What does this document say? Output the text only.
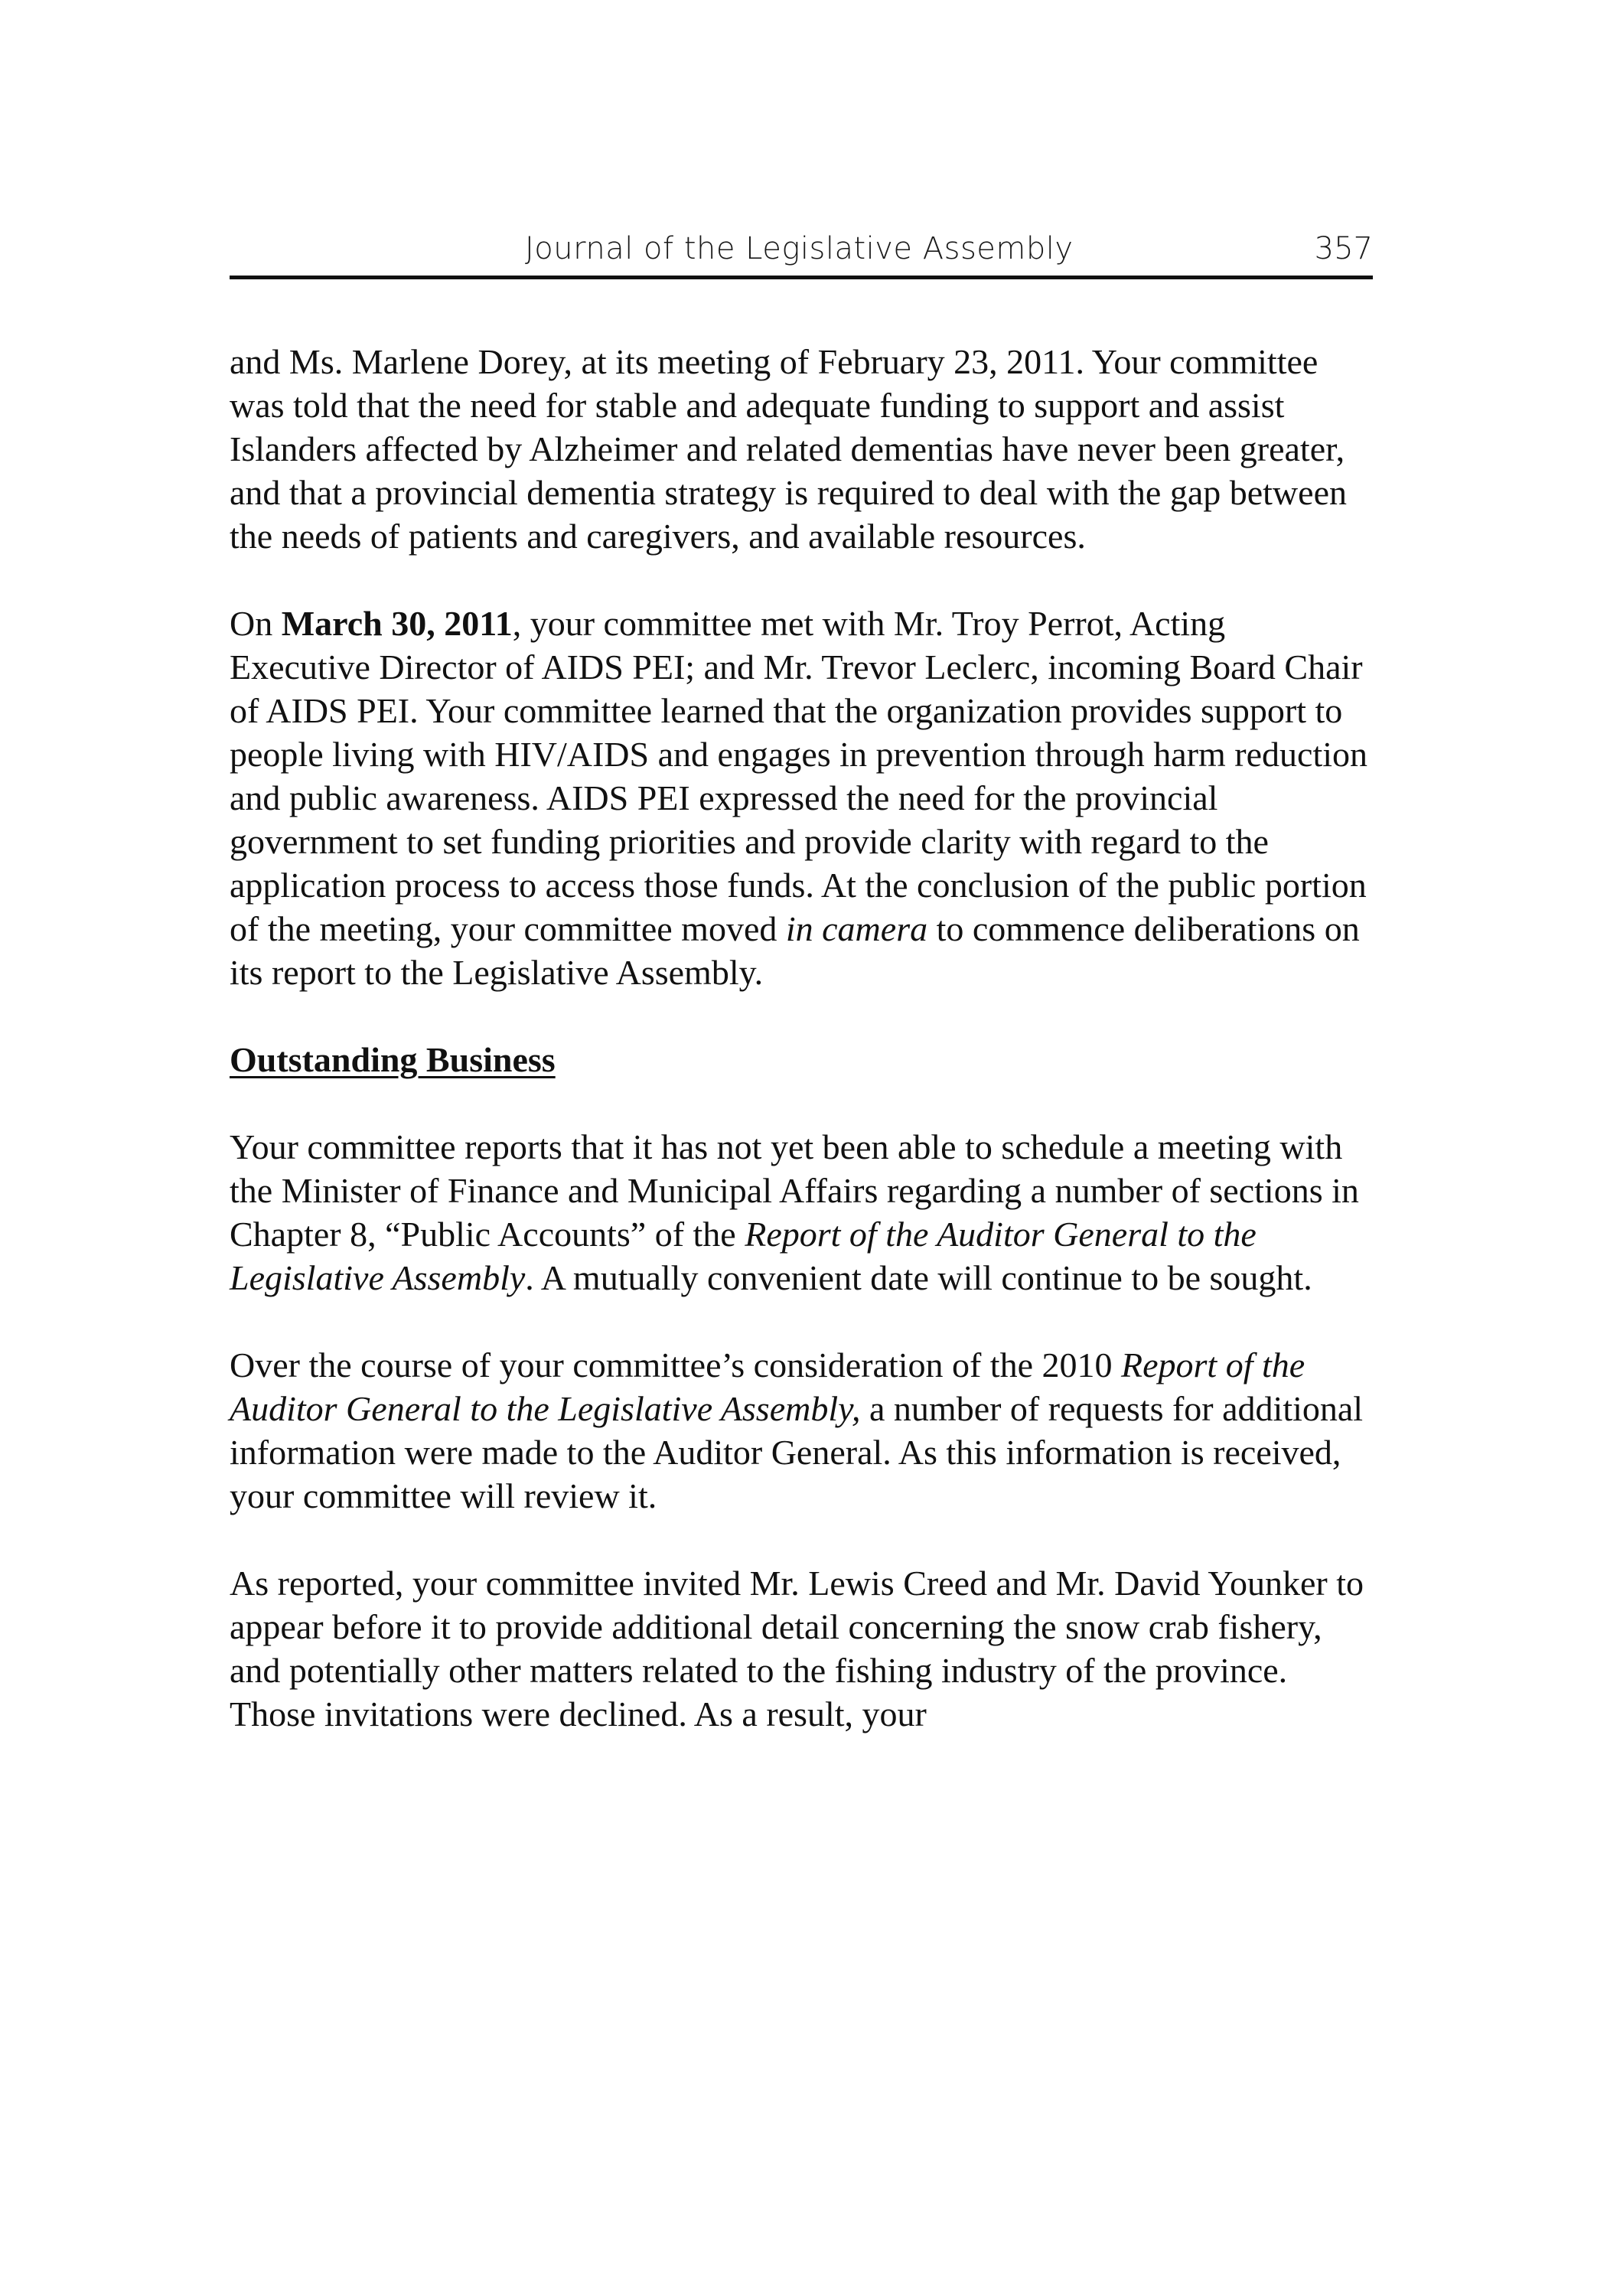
Journal of the Legislative Assembly	357

and Ms. Marlene Dorey, at its meeting of February 23, 2011. Your committee was told that the need for stable and adequate funding to support and assist Islanders affected by Alzheimer and related dementias have never been greater, and that a provincial dementia strategy is required to deal with the gap between the needs of patients and caregivers, and available resources.

On March 30, 2011, your committee met with Mr. Troy Perrot, Acting Executive Director of AIDS PEI; and Mr. Trevor Leclerc, incoming Board Chair of AIDS PEI. Your committee learned that the organization provides support to people living with HIV/AIDS and engages in prevention through harm reduction and public awareness. AIDS PEI expressed the need for the provincial government to set funding priorities and provide clarity with regard to the application process to access those funds. At the conclusion of the public portion of the meeting, your committee moved in camera to commence deliberations on its report to the Legislative Assembly.

Outstanding Business

Your committee reports that it has not yet been able to schedule a meeting with the Minister of Finance and Municipal Affairs regarding a number of sections in Chapter 8, “Public Accounts” of the Report of the Auditor General to the Legislative Assembly. A mutually convenient date will continue to be sought.

Over the course of your committee’s consideration of the 2010 Report of the Auditor General to the Legislative Assembly, a number of requests for additional information were made to the Auditor General. As this information is received, your committee will review it.

As reported, your committee invited Mr. Lewis Creed and Mr. David Younker to appear before it to provide additional detail concerning the snow crab fishery, and potentially other matters related to the fishing industry of the province. Those invitations were declined. As a result, your
